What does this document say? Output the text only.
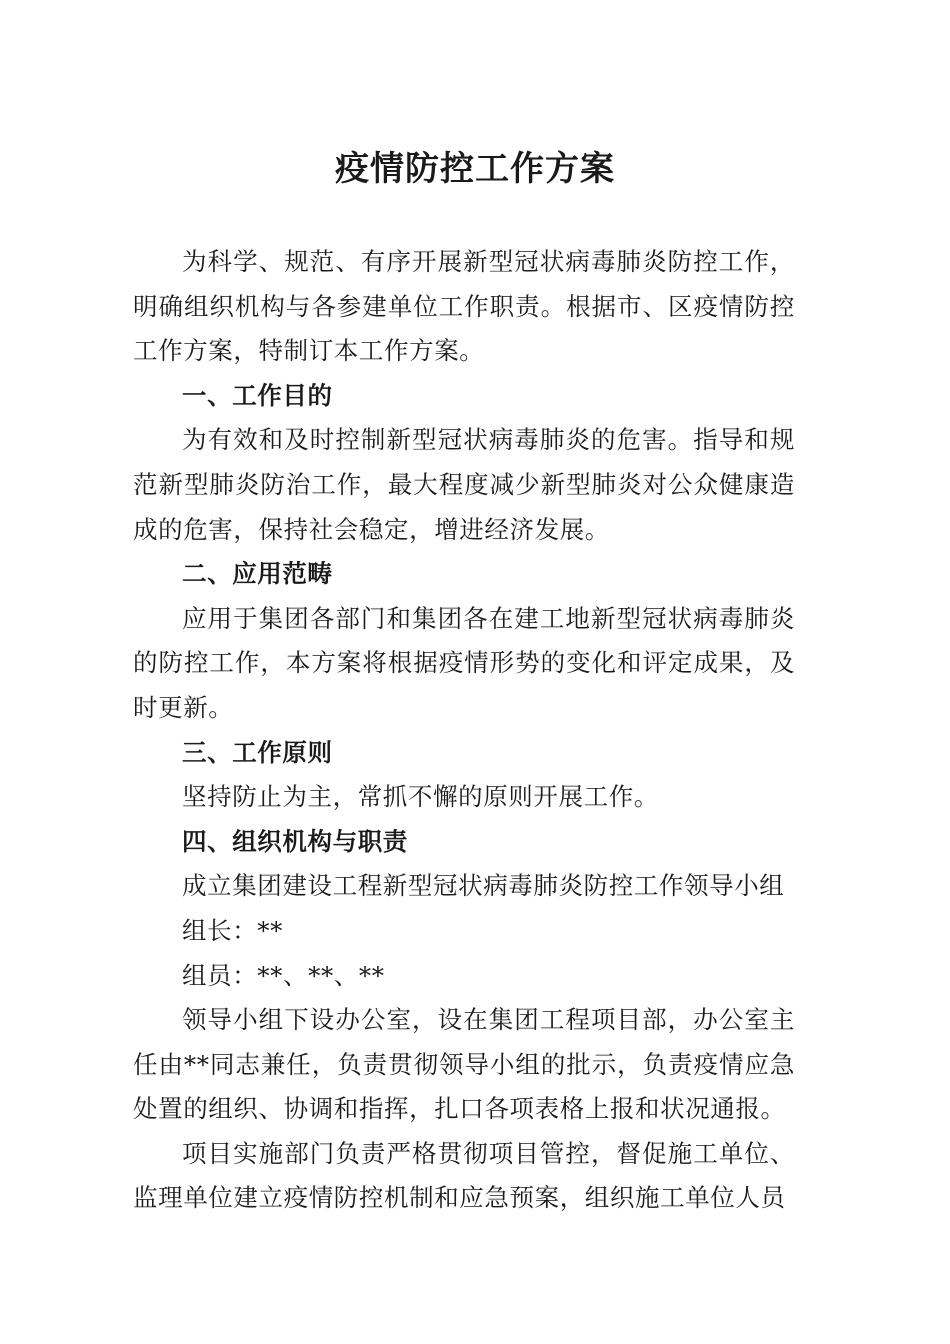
疫情防控工作方案

为科学、规范、有序开展新型冠状病毒肺炎防控工作，明确组织机构与各参建单位工作职责。根据市、区疫情防控工作方案，特制订本工作方案。

一、工作目的

为有效和及时控制新型冠状病毒肺炎的危害。指导和规范新型肺炎防治工作，最大程度减少新型肺炎对公众健康造成的危害，保持社会稳定，增进经济发展。

二、应用范畴

应用于集团各部门和集团各在建工地新型冠状病毒肺炎的防控工作，本方案将根据疫情形势的变化和评定成果，及时更新。

三、工作原则

坚持防止为主，常抓不懈的原则开展工作。

四、组织机构与职责

成立集团建设工程新型冠状病毒肺炎防控工作领导小组

组长：**

组员：**、**、**

领导小组下设办公室，设在集团工程项目部，办公室主任由**同志兼任，负责贯彻领导小组的批示，负责疫情应急处置的组织、协调和指挥，扎口各项表格上报和状况通报。

项目实施部门负责严格贯彻项目管控，督促施工单位、监理单位建立疫情防控机制和应急预案，组织施工单位人员
